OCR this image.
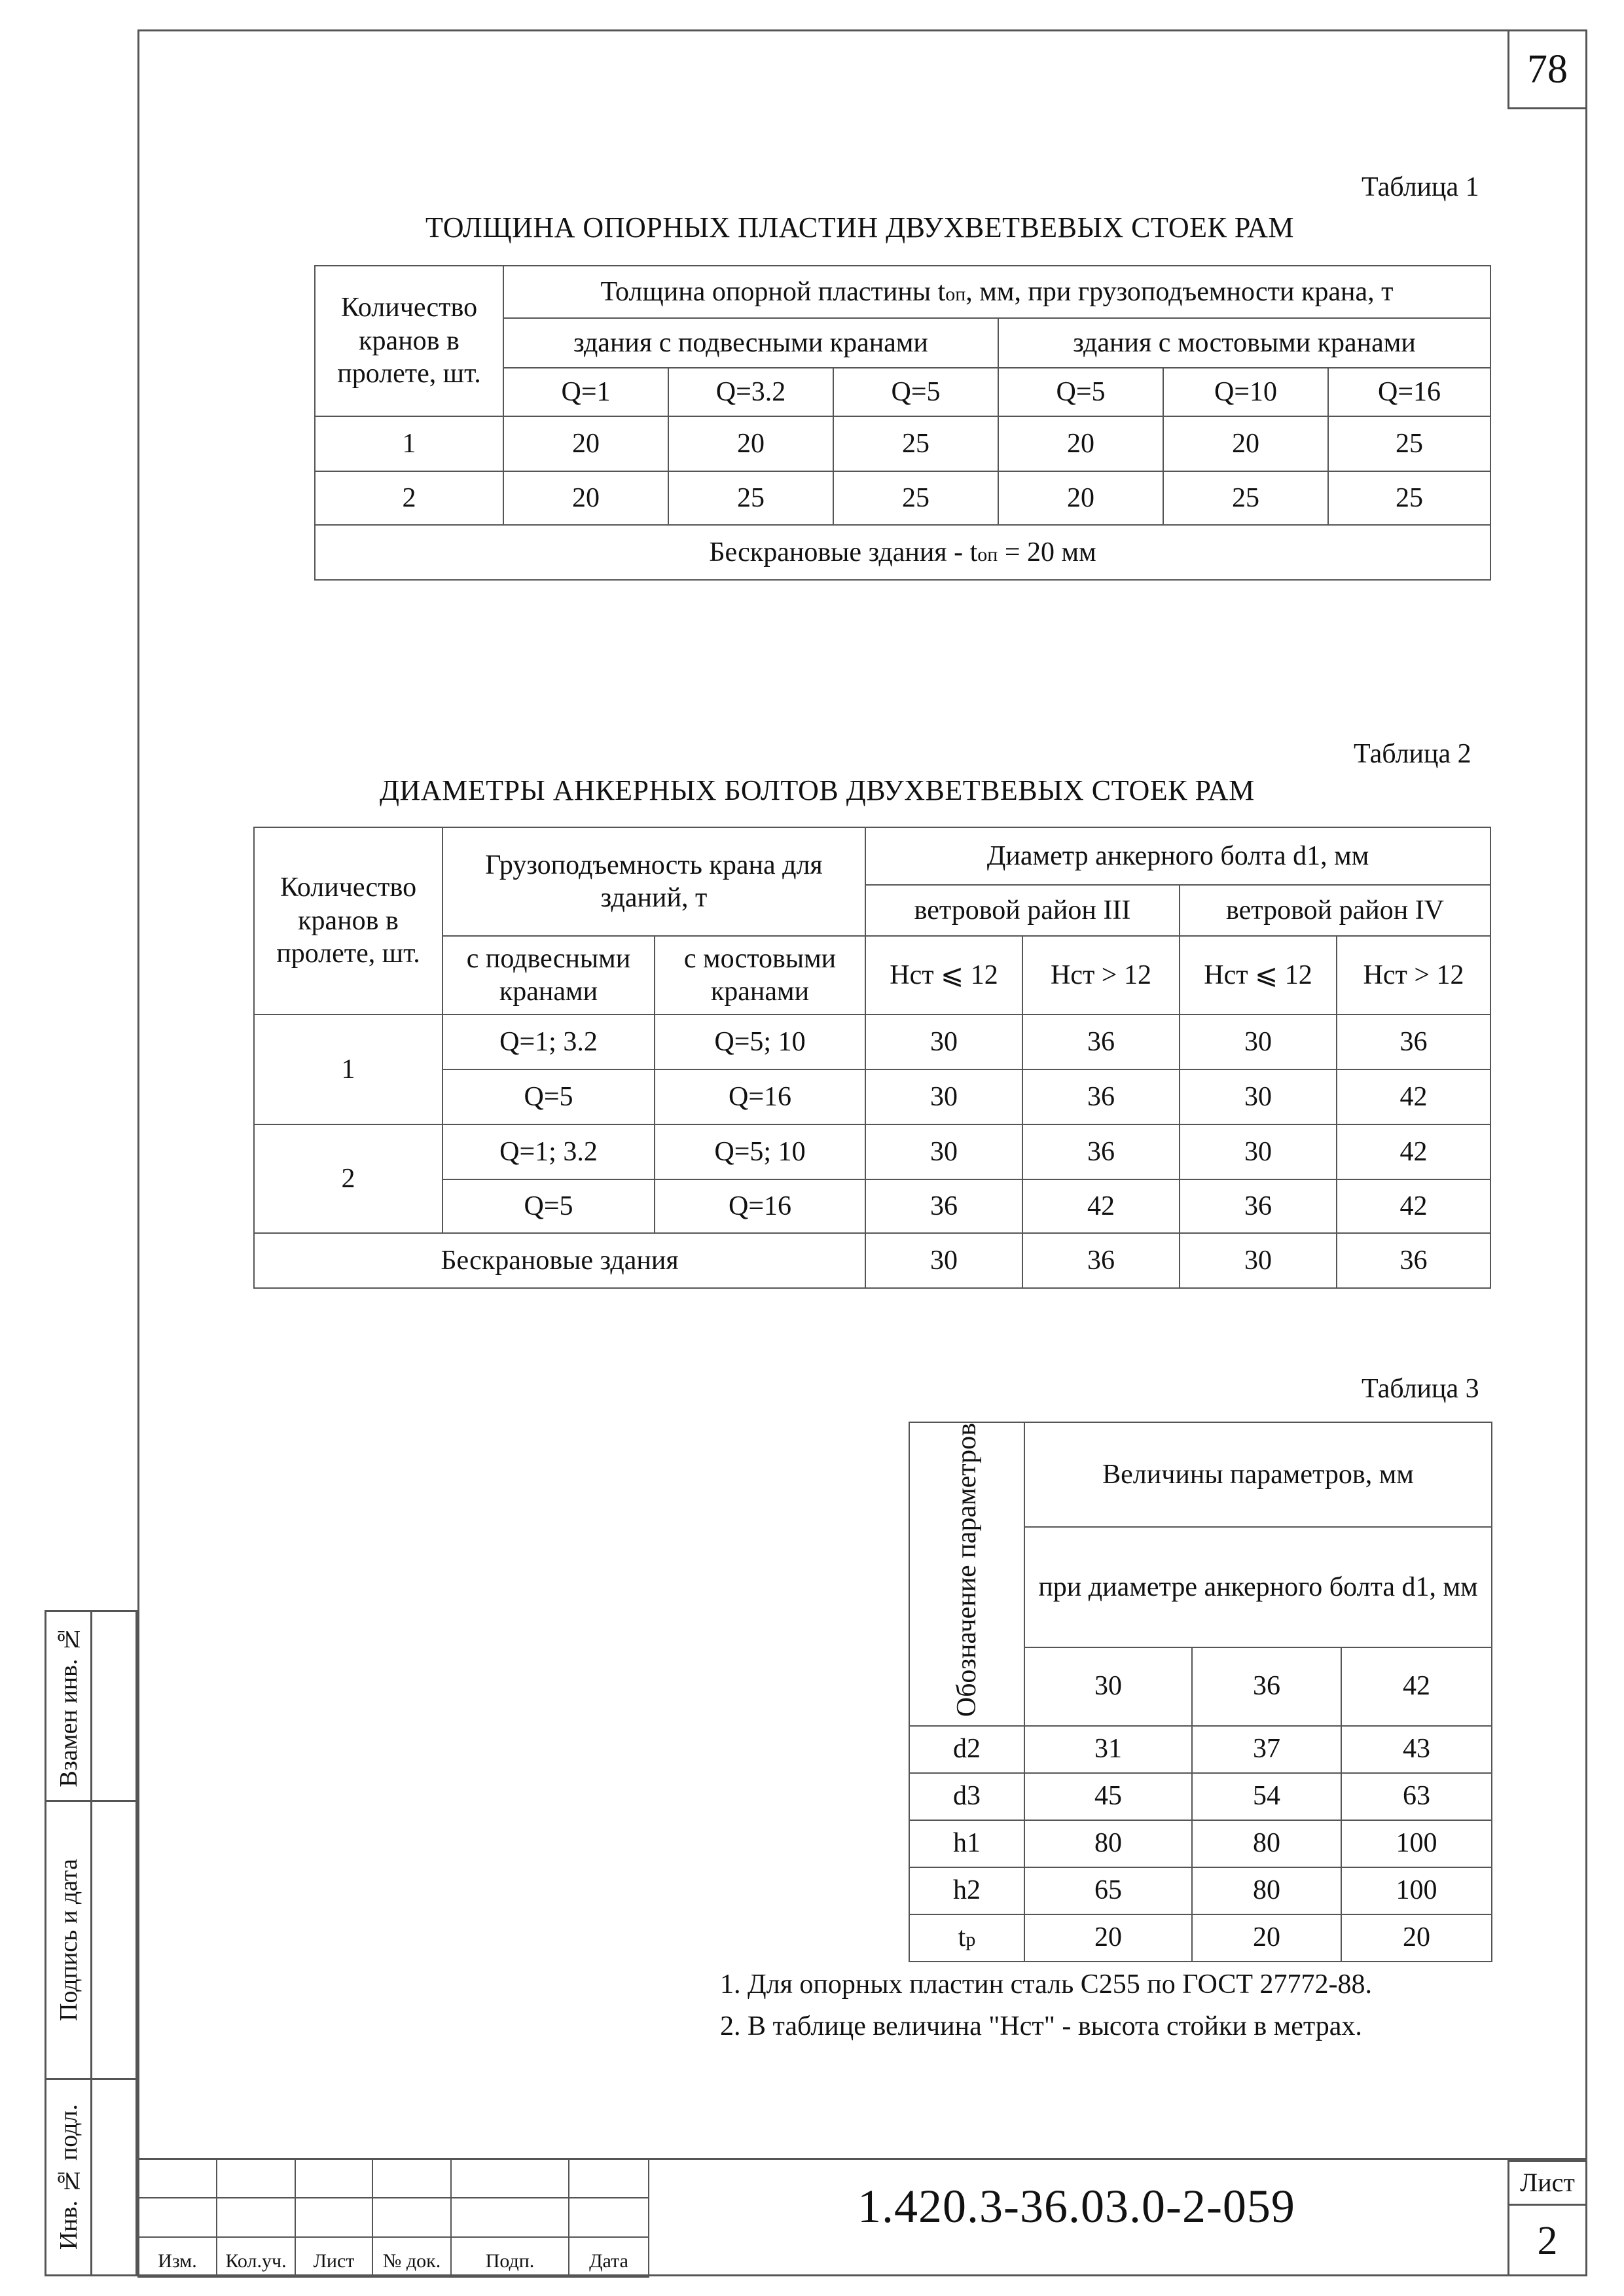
78
Таблица 1
ТОЛЩИНА ОПОРНЫХ ПЛАСТИН ДВУХВЕТВЕВЫХ СТОЕК РАМ
Количество кранов в пролете, шт.	Толщина опорной пластины tоп, мм, при грузоподъемности крана, т					
	здания с подвесными кранами			здания с мостовыми кранами		
	Q=1	Q=3.2	Q=5	Q=5	Q=10	Q=16
1	20	20	25	20	20	25
2	20	25	25	20	25	25
Бескрановые здания - tоп = 20 мм						
Таблица 2
ДИАМЕТРЫ АНКЕРНЫХ БОЛТОВ ДВУХВЕТВЕВЫХ СТОЕК РАМ
Количество кранов в пролете, шт.	Грузоподъемность крана для зданий, т		Диаметр анкерного болта d1, мм			
			ветровой район III		ветровой район IV	
	с подвесными кранами	с мостовыми кранами	Нст ⩽ 12	Нст > 12	Нст ⩽ 12	Нст > 12
1	Q=1; 3.2	Q=5; 10	30	36	30	36
	Q=5	Q=16	30	36	30	42
2	Q=1; 3.2	Q=5; 10	30	36	30	42
	Q=5	Q=16	36	42	36	42
Бескрановые здания			30	36	30	36
Таблица 3
Обозначение параметров	Величины параметров, мм		
	при диаметре анкерного болта d1, мм		
	30	36	42
d2	31	37	43
d3	45	54	63
h1	80	80	100
h2	65	80	100
tр	20	20	20
1. Для опорных пластин сталь С255 по ГОСТ 27772-88.
2. В таблице величина "Нст" - высота стойки в метрах.
Взамен инв. №
Подпись и дата
Инв. № подл.

Изм.	Кол.уч.	Лист	№ док.	Подп.	Дата
1.420.3-36.03.0-2-059	Лист
2
